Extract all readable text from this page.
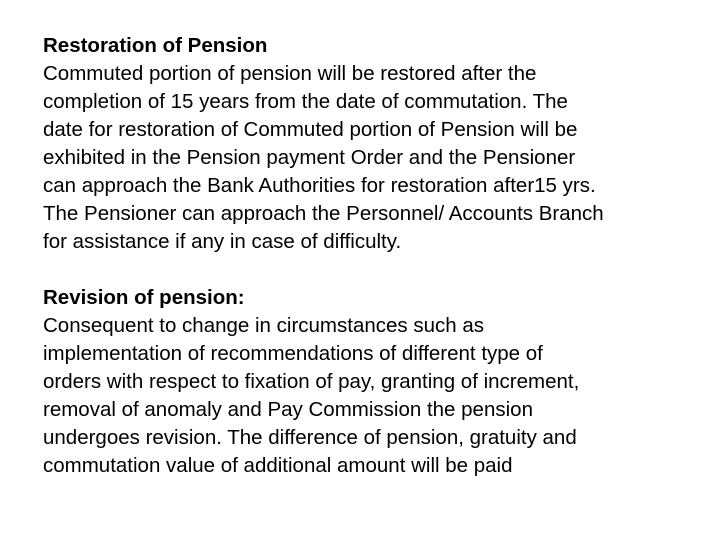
Restoration of Pension
Commuted portion of pension will be restored after the
completion of 15 years from the date of commutation. The
date for restoration of Commuted portion of Pension will be
exhibited in the Pension payment Order and the Pensioner
can approach the Bank Authorities for restoration after15 yrs.
The Pensioner can approach the Personnel/ Accounts Branch
for assistance if any in case of difficulty.
Revision of pension:
Consequent to change in circumstances such as
implementation of recommendations of different type of
orders with respect to fixation of pay, granting of increment,
removal of anomaly and Pay Commission the pension
undergoes revision. The difference of pension, gratuity and
commutation value of additional amount will be paid
